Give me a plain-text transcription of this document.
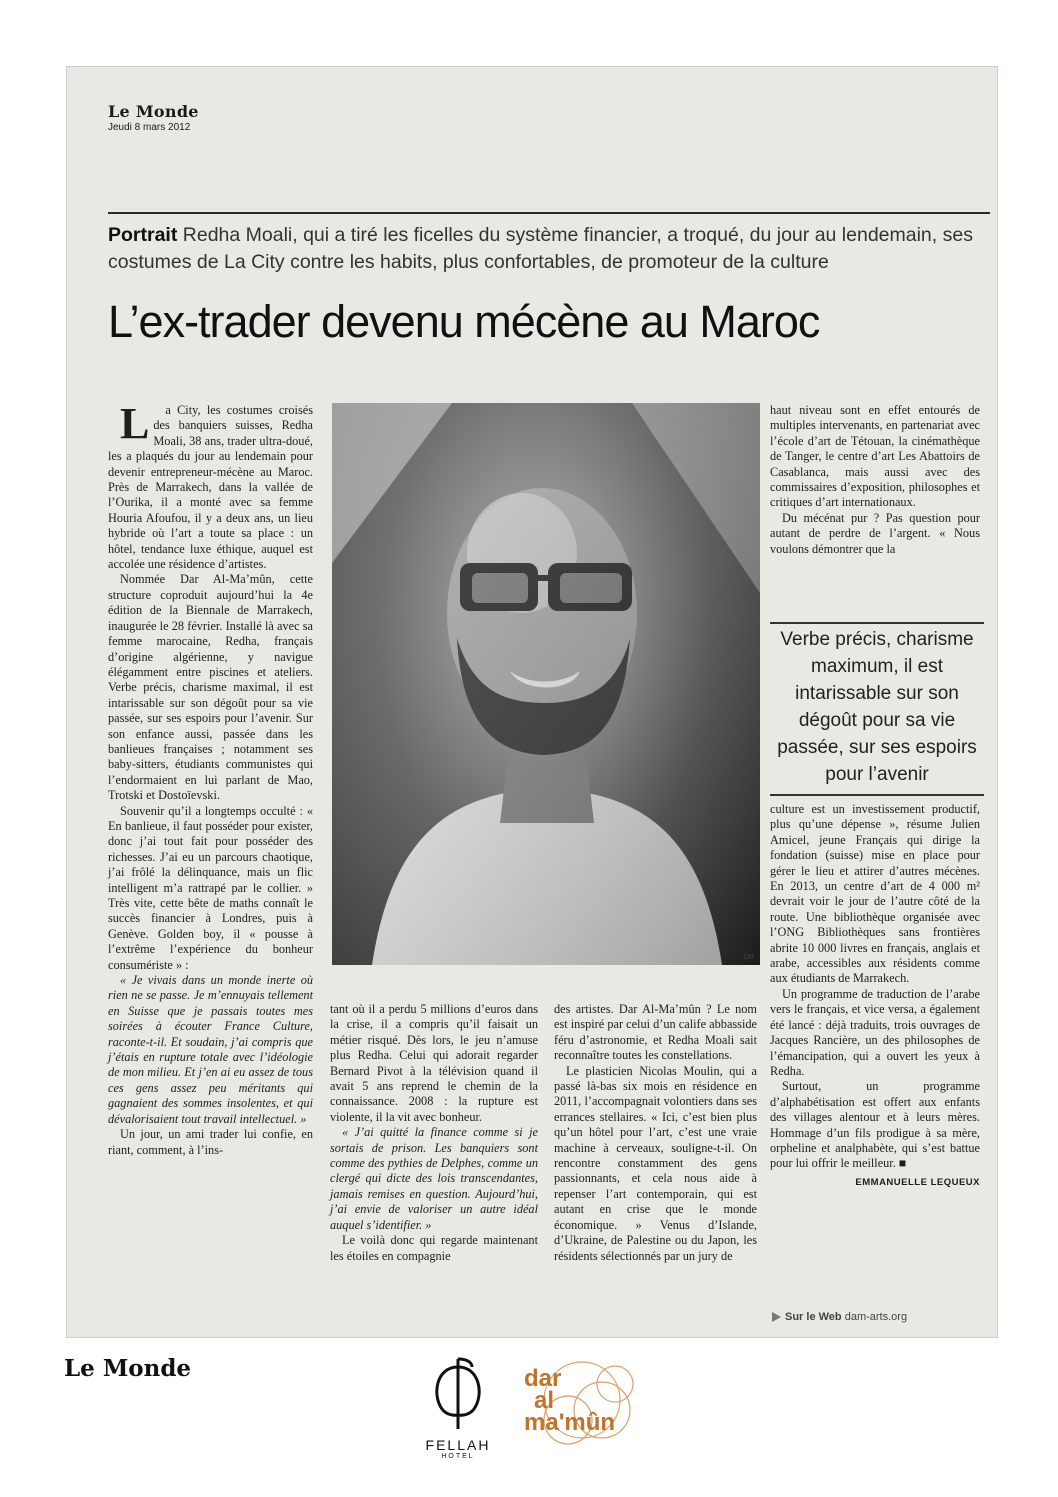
Le Monde
Jeudi 8 mars 2012
Portrait Redha Moali, qui a tiré les ficelles du système financier, a troqué, du jour au lendemain, ses costumes de La City contre les habits, plus confortables, de promoteur de la culture
L’ex-trader devenu mécène au Maroc

La City, les costumes croisés des banquiers suisses, Redha Moali, 38 ans, trader ultra-doué, les a plaqués du jour au lendemain pour devenir entrepreneur-mécène au Maroc. Près de Marrakech, dans la vallée de l’Ourika, il a monté avec sa femme Houria Afoufou, il y a deux ans, un lieu hybride où l’art a toute sa place : un hôtel, tendance luxe éthique, auquel est accolée une résidence d’artistes.

Nommée Dar Al-Ma’mûn, cette structure coproduit aujourd’hui la 4e édition de la Biennale de Marrakech, inaugurée le 28 février. Installé là avec sa femme marocaine, Redha, français d’origine algérienne, y navigue élégamment entre piscines et ateliers. Verbe précis, charisme maximal, il est intarissable sur son dégoût pour sa vie passée, sur ses espoirs pour l’avenir. Sur son enfance aussi, passée dans les banlieues françaises ; notamment ses baby-sitters, étudiants communistes qui l’endormaient en lui parlant de Mao, Trotski et Dostoïevski.

Souvenir qu’il a longtemps occulté : « En banlieue, il faut posséder pour exister, donc j’ai tout fait pour posséder des richesses. J’ai eu un parcours chaotique, j’ai frôlé la délinquance, mais un flic intelligent m’a rattrapé par le collier. » Très vite, cette bête de maths connaît le succès financier à Londres, puis à Genève. Golden boy, il « pousse à l’extrême l’expérience du bonheur consumériste » :

« Je vivais dans un monde inerte où rien ne se passe. Je m’ennuyais tellement en Suisse que je passais toutes mes soirées à écouter France Culture, raconte-t-il. Et soudain, j’ai compris que j’étais en rupture totale avec l’idéologie de mon milieu. Et j’en ai eu assez de tous ces gens assez peu méritants qui gagnaient des sommes insolentes, et qui dévalorisaient tout travail intellectuel. »

Un jour, un ami trader lui confie, en riant, comment, à l’ins-

DR

tant où il a perdu 5 millions d’euros dans la crise, il a compris qu’il faisait un métier risqué. Dès lors, le jeu n’amuse plus Redha. Celui qui adorait regarder Bernard Pivot à la télévision quand il avait 5 ans reprend le chemin de la connaissance. 2008 : la rupture est violente, il la vit avec bonheur.

« J’ai quitté la finance comme si je sortais de prison. Les banquiers sont comme des pythies de Delphes, comme un clergé qui dicte des lois transcendantes, jamais remises en question. Aujourd’hui, j’ai envie de valoriser un autre idéal auquel s’identifier. »

Le voilà donc qui regarde maintenant les étoiles en compagnie

des artistes. Dar Al-Ma’mûn ? Le nom est inspiré par celui d’un calife abbasside féru d’astronomie, et Redha Moali sait reconnaître toutes les constellations.

Le plasticien Nicolas Moulin, qui a passé là-bas six mois en résidence en 2011, l’accompagnait volontiers dans ses errances stellaires. « Ici, c’est bien plus qu’un hôtel pour l’art, c’est une vraie machine à cerveaux, souligne-t-il. On rencontre constamment des gens passionnants, et cela nous aide à repenser l’art contemporain, qui est autant en crise que le monde économique. » Venus d’Islande, d’Ukraine, de Palestine ou du Japon, les résidents sélectionnés par un jury de

haut niveau sont en effet entourés de multiples intervenants, en partenariat avec l’école d’art de Tétouan, la cinémathèque de Tanger, le centre d’art Les Abattoirs de Casablanca, mais aussi avec des commissaires d’exposition, philosophes et critiques d’art internationaux.

Du mécénat pur ? Pas question pour autant de perdre de l’argent. « Nous voulons démontrer que la

Verbe précis, charisme maximum, il est intarissable sur son dégoût pour sa vie passée, sur ses espoirs pour l’avenir

culture est un investissement productif, plus qu’une dépense », résume Julien Amicel, jeune Français qui dirige la fondation (suisse) mise en place pour gérer le lieu et attirer d’autres mécènes. En 2013, un centre d’art de 4 000 m² devrait voir le jour de l’autre côté de la route. Une bibliothèque organisée avec l’ONG Bibliothèques sans frontières abrite 10 000 livres en français, anglais et arabe, accessibles aux résidents comme aux étudiants de Marrakech.

Un programme de traduction de l’arabe vers le français, et vice versa, a également été lancé : déjà traduits, trois ouvrages de Jacques Rancière, un des philosophes de l’émancipation, qui a ouvert les yeux à Redha.

Surtout, un programme d’alphabétisation est offert aux enfants des villages alentour et à leurs mères. Hommage d’un fils prodigue à sa mère, orpheline et analphabète, qui s’est battue pour lui offrir le meilleur. ■

EMMANUELLE LEQUEUX
Sur le Web dam-arts.org
Le Monde
FELLAH
HOTEL
dar
al
ma'mûn
